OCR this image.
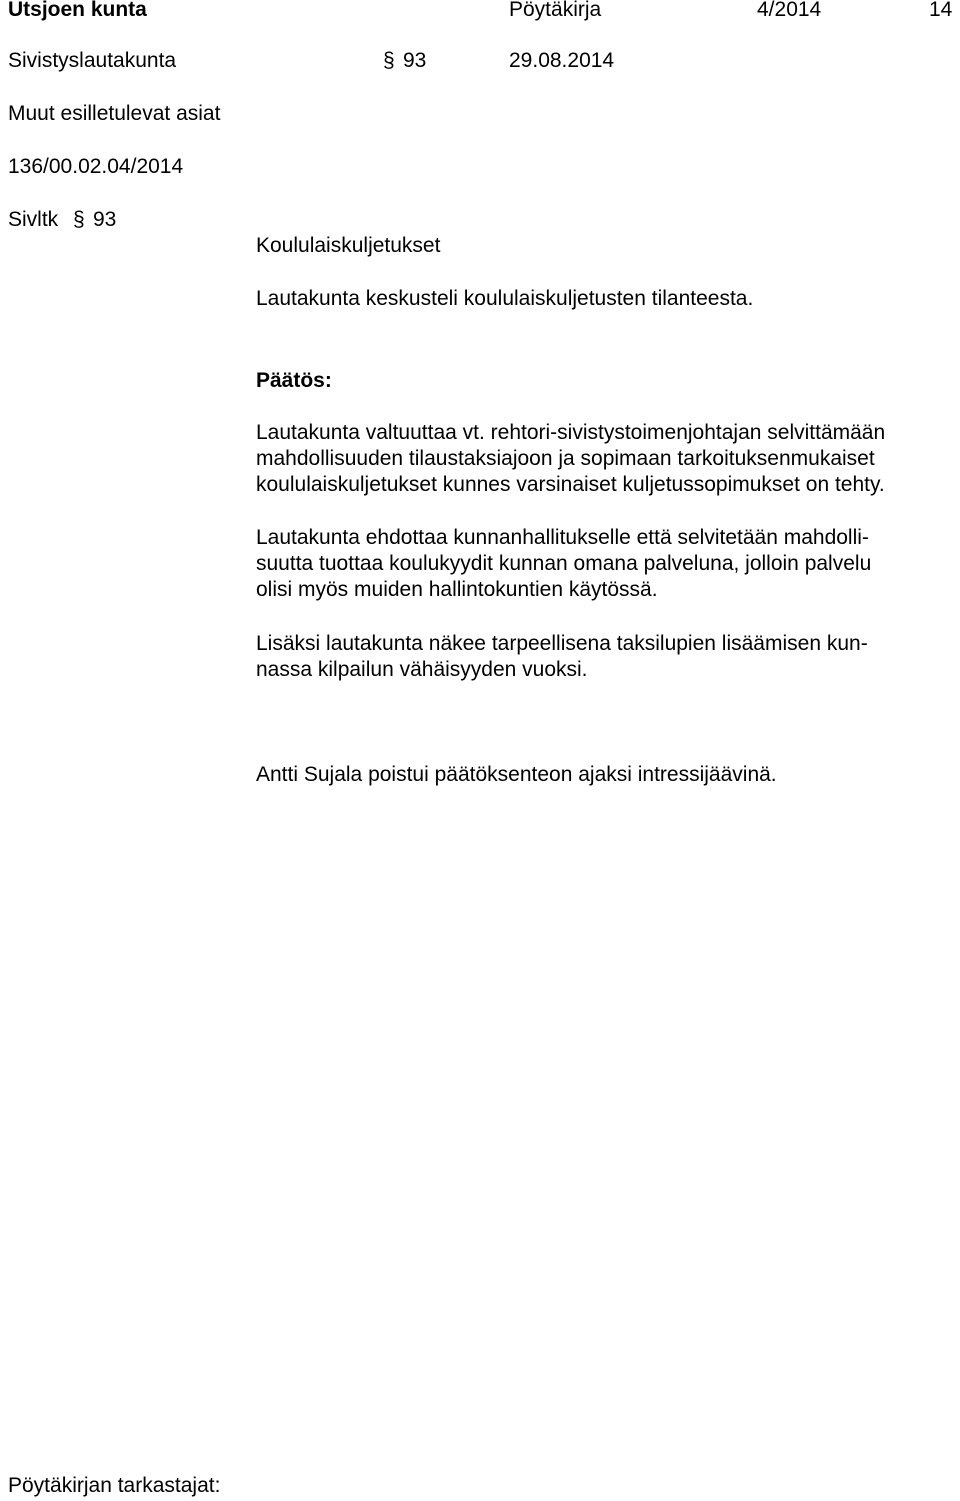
Utsjoen kunta	Pöytäkirja	4/2014	14
Sivistyslautakunta	§ 93	29.08.2014
Muut esilletulevat asiat
136/00.02.04/2014
Sivltk § 93
Koululaiskuljetukset
Lautakunta keskusteli koululaiskuljetusten tilanteesta.
Päätös:
Lautakunta valtuuttaa vt. rehtori-sivistystoimenjohtajan selvittämään
mahdollisuuden tilaustaksiajoon ja sopimaan tarkoituksenmukaiset
koululaiskuljetukset kunnes varsinaiset kuljetussopimukset on tehty.
Lautakunta ehdottaa kunnanhallitukselle että selvitetään mahdolli-
suutta tuottaa koulukyydit kunnan omana palveluna, jolloin palvelu
olisi myös muiden hallintokuntien käytössä.
Lisäksi lautakunta näkee tarpeellisena taksilupien lisäämisen kun-
nassa kilpailun vähäisyyden vuoksi.
Antti Sujala poistui päätöksenteon ajaksi intressijäävinä.
Pöytäkirjan tarkastajat:
